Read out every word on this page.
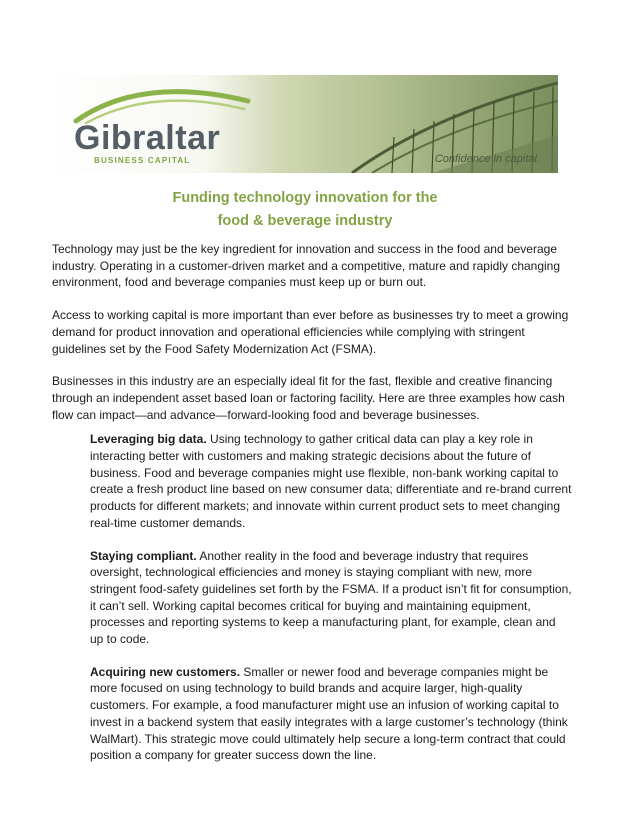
Gibraltar
BUSINESS CAPITAL	Confidence in capital.
Funding technology innovation for the
food & beverage industry

Technology may just be the key ingredient for innovation and success in the food and beverage industry. Operating in a customer-driven market and a competitive, mature and rapidly changing environment, food and beverage companies must keep up or burn out.

Access to working capital is more important than ever before as businesses try to meet a growing demand for product innovation and operational efficiencies while complying with stringent guidelines set by the Food Safety Modernization Act (FSMA).

Businesses in this industry are an especially ideal fit for the fast, flexible and creative financing through an independent asset based loan or factoring facility. Here are three examples how cash flow can impact—and advance—forward-looking food and beverage businesses.

Leveraging big data. Using technology to gather critical data can play a key role in interacting better with customers and making strategic decisions about the future of business. Food and beverage companies might use flexible, non-bank working capital to create a fresh product line based on new consumer data; differentiate and re-brand current products for different markets; and innovate within current product sets to meet changing real-time customer demands.
Staying compliant. Another reality in the food and beverage industry that requires oversight, technological efficiencies and money is staying compliant with new, more stringent food-safety guidelines set forth by the FSMA. If a product isn’t fit for consumption, it can’t sell. Working capital becomes critical for buying and maintaining equipment, processes and reporting systems to keep a manufacturing plant, for example, clean and up to code.
Acquiring new customers. Smaller or newer food and beverage companies might be more focused on using technology to build brands and acquire larger, high-quality customers. For example, a food manufacturer might use an infusion of working capital to invest in a backend system that easily integrates with a large customer’s technology (think WalMart). This strategic move could ultimately help secure a long-term contract that could position a company for greater success down the line.
